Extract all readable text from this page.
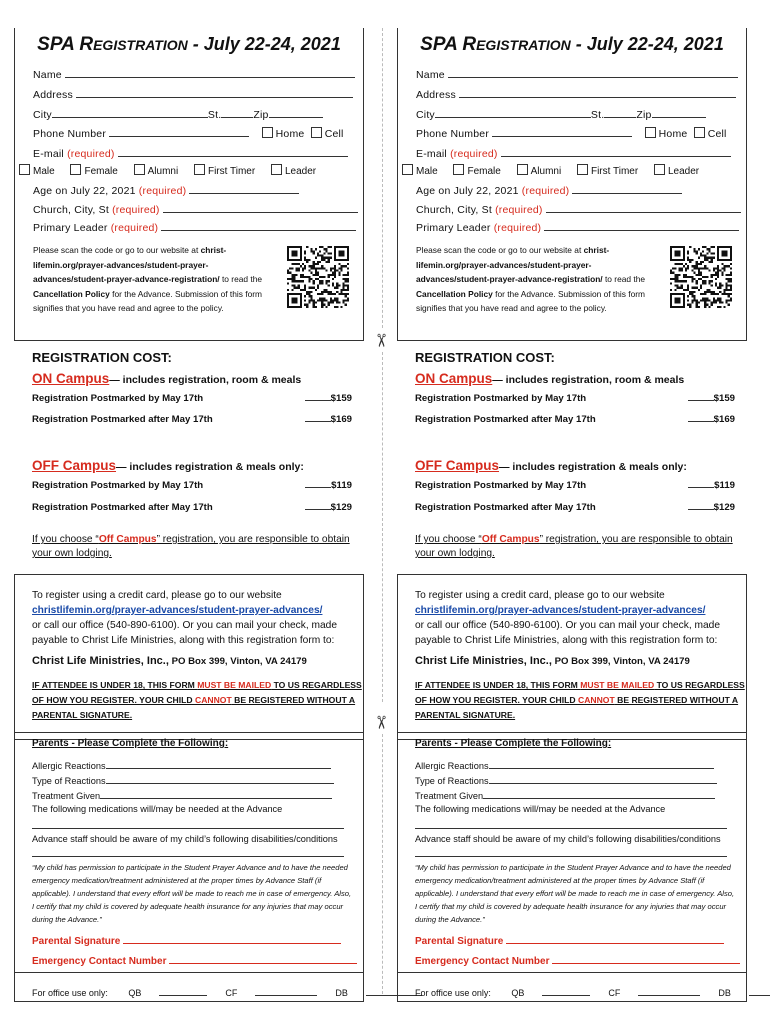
SPA REGISTRATION - July 22-24, 2021
Name
Address
City	St.	Zip
Phone Number	Home Cell
E-mail (required)
Male	Female	Alumni	First Timer	Leader
Age on July 22, 2021 (required)
Church, City, St (required)
Primary Leader (required)
Please scan the code or go to our website at christ-lifemin.org/prayer-advances/student-prayer-advances/student-prayer-advance-registration/ to read the Cancellation Policy for the Advance. Submission of this form signifies that you have read and agree to the policy.
REGISTRATION COST:
ON Campus— includes registration, room & meals
Registration Postmarked by May 17th	$159
Registration Postmarked after May 17th	$169
OFF Campus— includes registration & meals only:
Registration Postmarked by May 17th	$119
Registration Postmarked after May 17th	$129
If you choose “Off Campus” registration, you are responsible to obtain your own lodging.
To register using a credit card, please go to our website
christlifemin.org/prayer-advances/student-prayer-advances/
or call our office (540-890-6100). Or you can mail your check, made payable to Christ Life Ministries, along with this registration form to:
Christ Life Ministries, Inc., PO Box 399, Vinton, VA 24179
IF ATTENDEE IS UNDER 18, THIS FORM MUST BE MAILED TO US REGARDLESS OF HOW YOU REGISTER. YOUR CHILD CANNOT BE REGISTERED WITHOUT A PARENTAL SIGNATURE.
Parents - Please Complete the Following:
Allergic Reactions
Type of Reactions
Treatment Given
The following medications will/may be needed at the Advance
Advance staff should be aware of my child’s following disabilities/conditions
“My child has permission to participate in the Student Prayer Advance and to have the needed emergency medication/treatment administered at the proper times by Advance Staff (if applicable). I understand that every effort will be made to reach me in case of emergency. Also, I certify that my child is covered by adequate health insurance for any injuries that may occur during the Advance.”
Parental Signature
Emergency Contact Number
For office use only: QB	CF	DB
SPA REGISTRATION - July 22-24, 2021
Name
Address
City	St.	Zip
Phone Number	Home Cell
E-mail (required)
Male	Female	Alumni	First Timer	Leader
Age on July 22, 2021 (required)
Church, City, St (required)
Primary Leader (required)
Please scan the code or go to our website at christ-lifemin.org/prayer-advances/student-prayer-advances/student-prayer-advance-registration/ to read the Cancellation Policy for the Advance. Submission of this form signifies that you have read and agree to the policy.
REGISTRATION COST:
ON Campus— includes registration, room & meals
Registration Postmarked by May 17th	$159
Registration Postmarked after May 17th	$169
OFF Campus— includes registration & meals only:
Registration Postmarked by May 17th	$119
Registration Postmarked after May 17th	$129
If you choose “Off Campus” registration, you are responsible to obtain your own lodging.
To register using a credit card, please go to our website
christlifemin.org/prayer-advances/student-prayer-advances/
or call our office (540-890-6100). Or you can mail your check, made payable to Christ Life Ministries, along with this registration form to:
Christ Life Ministries, Inc., PO Box 399, Vinton, VA 24179
IF ATTENDEE IS UNDER 18, THIS FORM MUST BE MAILED TO US REGARDLESS OF HOW YOU REGISTER. YOUR CHILD CANNOT BE REGISTERED WITHOUT A PARENTAL SIGNATURE.
Parents - Please Complete the Following:
Allergic Reactions
Type of Reactions
Treatment Given
The following medications will/may be needed at the Advance
Advance staff should be aware of my child’s following disabilities/conditions
“My child has permission to participate in the Student Prayer Advance and to have the needed emergency medication/treatment administered at the proper times by Advance Staff (if applicable). I understand that every effort will be made to reach me in case of emergency. Also, I certify that my child is covered by adequate health insurance for any injuries that may occur during the Advance.”
Parental Signature
Emergency Contact Number
For office use only: QB	CF	DB
✂
✂
